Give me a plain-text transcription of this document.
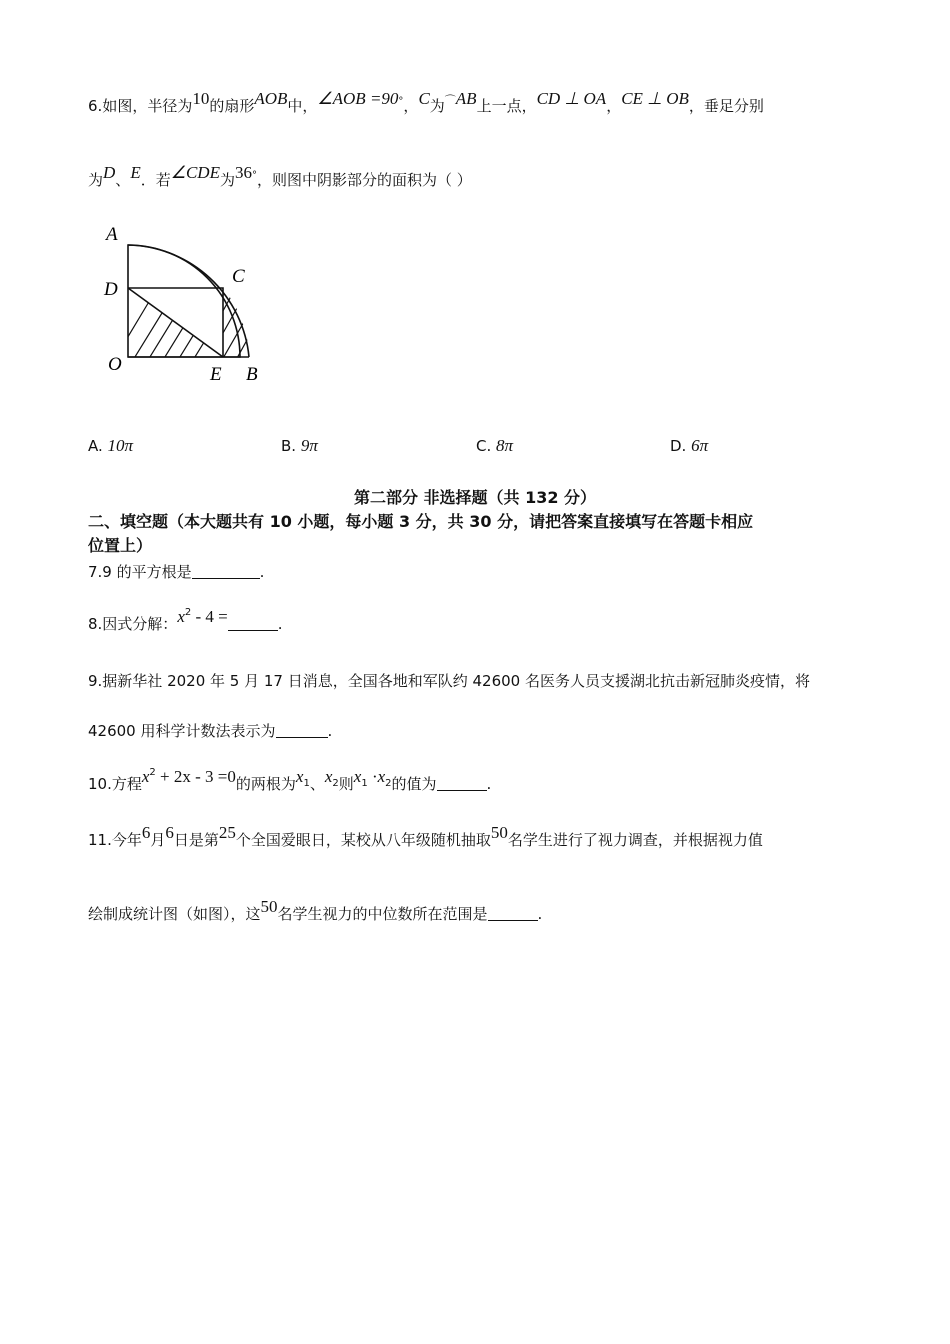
6.如图，半径为10的扇形AOB中，∠AOB =90°，C为⌒AB上一点，CD ⊥ OA，CE ⊥ OB，垂足分别
为D、E．若∠CDE为36°，则图中阴影部分的面积为（ ）
A
D
C
O	E B
A. 10π	B. 9π	C. 8π	D. 6π
第二部分 非选择题（共 132 分）
二、填空题（本大题共有 10 小题，每小题 3 分，共 30 分，请把答案直接填写在答题卡相应
位置上）
7.9 的平方根是	.
8.因式分解：$x^2 - 4$ =	.
9.据新华社 2020 年 5 月 17 日消息，全国各地和军队约 42600 名医务人员支援湖北抗击新冠肺炎疫情，将
42600 用科学计数法表示为	.
10.方程$x^2 + 2x - 3 =0$的两根为$x^1$、$x^2$则$x^1 \cdot x^2$的值为	.
11.今年6月6日是第25个全国爱眼日，某校从八年级随机抽取50名学生进行了视力调查，并根据视力值
绘制成统计图（如图），这50名学生视力的中位数所在范围是	.
